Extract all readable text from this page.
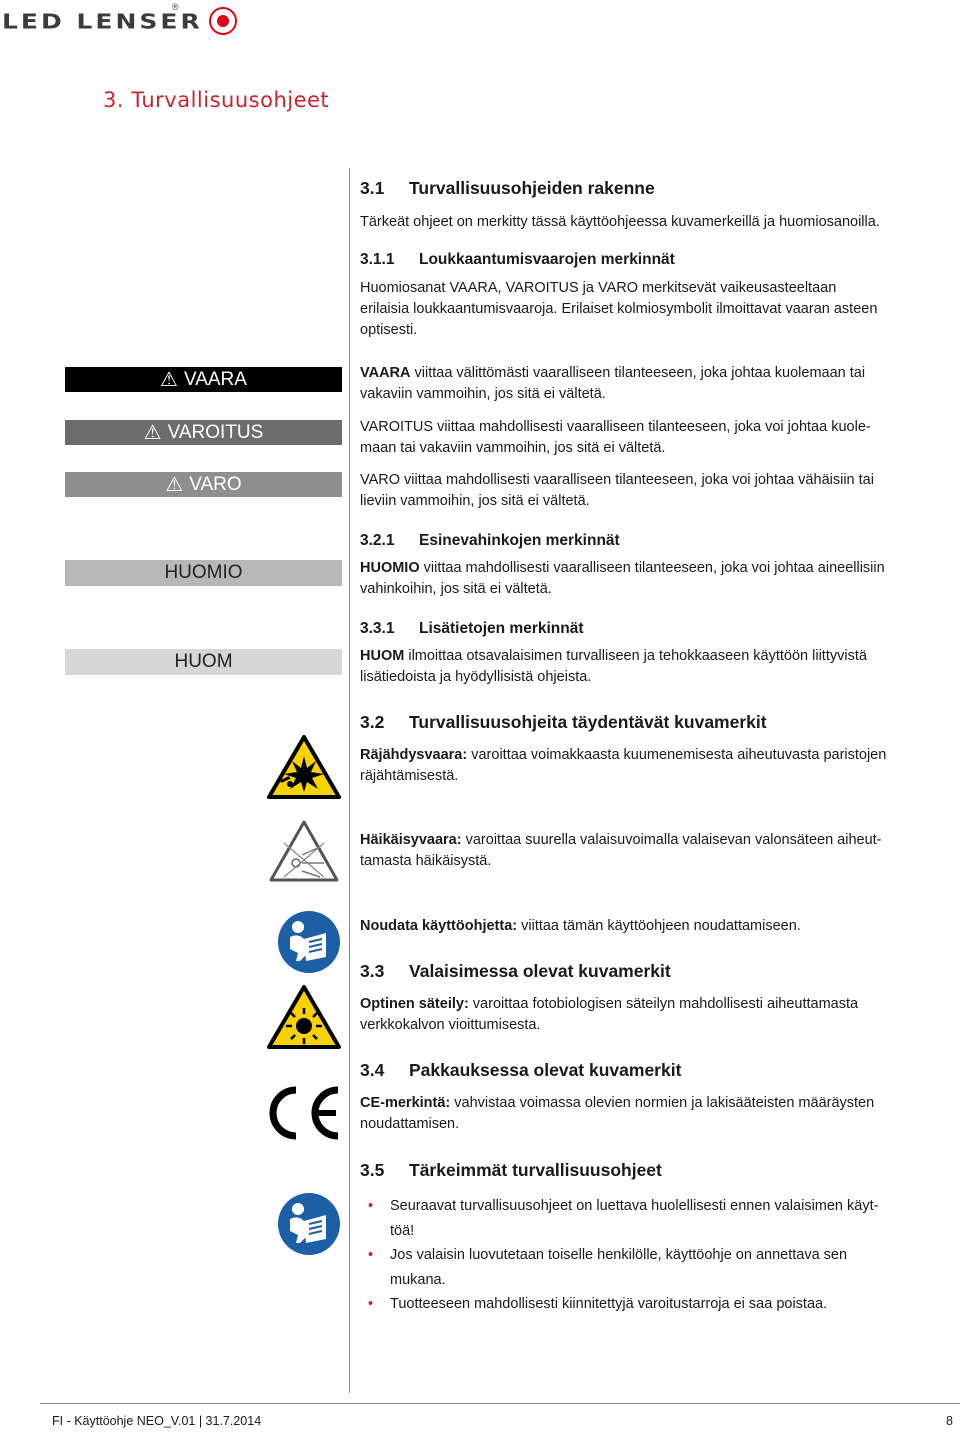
LED LENSER
®
3. Turvallisuusohjeet
3.1 Turvallisuusohjeiden rakenne
Tärkeät ohjeet on merkitty tässä käyttöohjeessa kuvamerkeillä ja huomiosanoilla.
3.1.1 Loukkaantumisvaarojen merkinnät
Huomiosanat VAARA, VAROITUS ja VARO merkitsevät vaikeusasteeltaan
erilaisia loukkaantumisvaaroja. Erilaiset kolmiosymbolit ilmoittavat vaaran asteen
optisesti.
⚠ VAARA
⚠ VAROITUS
⚠ VARO
HUOMIO
HUOM
VAARA viittaa välittömästi vaaralliseen tilanteeseen, joka johtaa kuolemaan tai
vakaviin vammoihin, jos sitä ei vältetä.
VAROITUS viittaa mahdollisesti vaaralliseen tilanteeseen, joka voi johtaa kuole-
maan tai vakaviin vammoihin, jos sitä ei vältetä.
VARO viittaa mahdollisesti vaaralliseen tilanteeseen, joka voi johtaa vähäisiin tai
lieviin vammoihin, jos sitä ei vältetä.
3.2.1 Esinevahinkojen merkinnät
HUOMIO viittaa mahdollisesti vaaralliseen tilanteeseen, joka voi johtaa aineellisiin
vahinkoihin, jos sitä ei vältetä.
3.3.1 Lisätietojen merkinnät
HUOM ilmoittaa otsavalaisimen turvalliseen ja tehokkaaseen käyttöön liittyvistä
lisätiedoista ja hyödyllisistä ohjeista.
3.2 Turvallisuusohjeita täydentävät kuvamerkit
Räjähdysvaara: varoittaa voimakkaasta kuumenemisesta aiheutuvasta paristojen
räjähtämisestä.
Häikäisyvaara: varoittaa suurella valaisuvoimalla valaisevan valonsäteen aiheut-
tamasta häikäisystä.
Noudata käyttöohjetta: viittaa tämän käyttöohjeen noudattamiseen.
3.3 Valaisimessa olevat kuvamerkit
Optinen säteily: varoittaa fotobiologisen säteilyn mahdollisesti aiheuttamasta
verkkokalvon vioittumisesta.
3.4 Pakkauksessa olevat kuvamerkit
CE-merkintä: vahvistaa voimassa olevien normien ja lakisääteisten määräysten
noudattamisen.
3.5 Tärkeimmät turvallisuusohjeet
• Seuraavat turvallisuusohjeet on luettava huolellisesti ennen valaisimen käyt-
töä!
• Jos valaisin luovutetaan toiselle henkilölle, käyttöohje on annettava sen
mukana.
• Tuotteeseen mahdollisesti kiinnitettyjä varoitustarroja ei saa poistaa.
FI - Käyttöohje NEO_V.01 | 31.7.2014	8
